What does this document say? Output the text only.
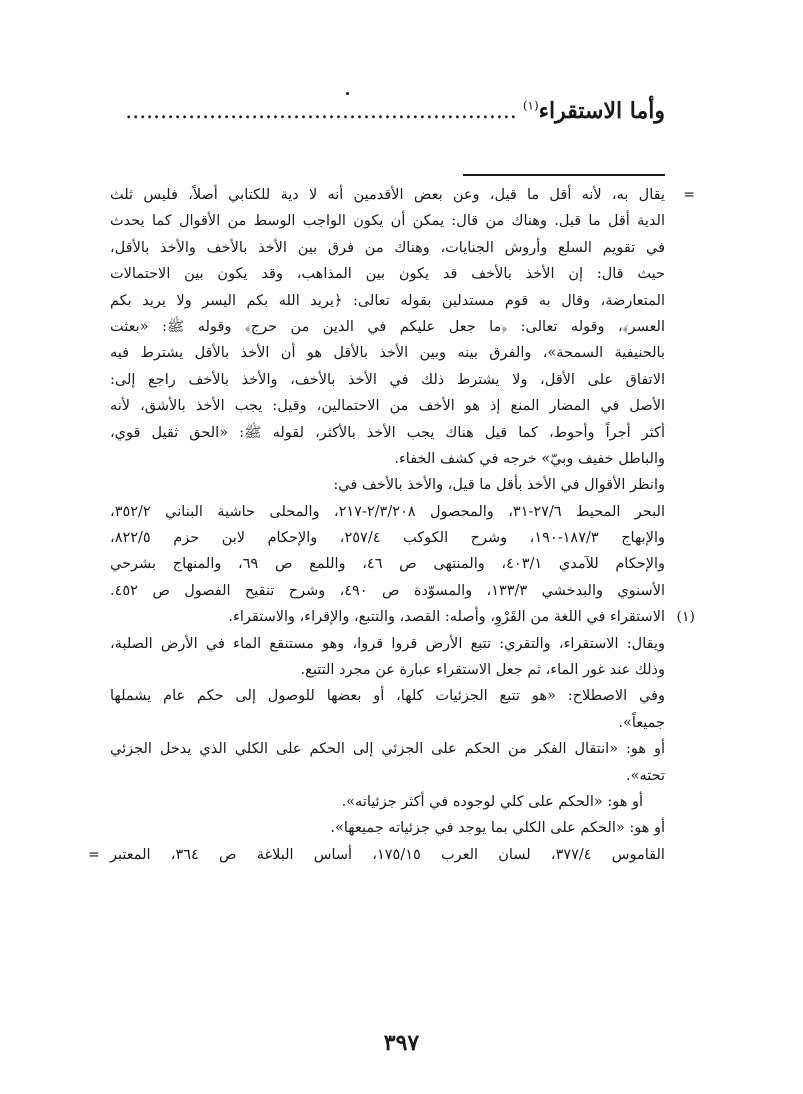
وأما الاستقراء$^{(١)}$........................................................
=
يقال به، لأنه أقل ما قيل، وعن بعض الأقدمين أنه لا دية للكتابي أصلاً، فليس ثلث
الدية أقل ما قيل. وهناك من قال: يمكن أن يكون الواجب الوسط من الأقوال كما يحدث
في تقويم السلع وأروش الجنايات، وهناك من فرق بين الأخذ بالأخف والأخذ بالأقل،
حيث قال: إن الأخذ بالأخف قد يكون بين المذاهب، وقد يكون بين الاحتمالات
المتعارضة، وقال به قوم مستدلين بقوله تعالى: ﴿يريد الله بكم اليسر ولا يريد بكم
العسر﴾، وقوله تعالى: ﴿ما جعل عليكم في الدين من حرج﴾ وقوله ﷺ: «بعثت
بالحنيفية السمحة»، والفرق بينه وبين الأخذ بالأقل هو أن الأخذ بالأقل يشترط فيه
الاتفاق على الأقل، ولا يشترط ذلك في الأخذ بالأخف، والأخذ بالأخف راجع إلى:
الأصل في المضار المنع إذ هو الأخف من الاحتمالين، وقيل: يجب الأخذ بالأشق، لأنه
أكثر أجراً وأحوط، كما قيل هناك يجب الأخذ بالأكثر، لقوله ﷺ: «الحق ثقيل قوي،
والباطل خفيف وبيّ» خرجه في كشف الخفاء.
وانظر الأقوال في الأخذ بأقل ما قيل، والأخذ بالأخف في:
البحر المحيط ٢٧/٦-٣١، والمحصول ٢/٣/٢٠٨-٢١٧، والمحلى حاشية البناني ٣٥٢/٢،
والإبهاج ١٨٧/٣-١٩٠، وشرح الكوكب ٢٥٧/٤، والإحكام لابن حزم ٨٢٢/٥،
والإحكام للآمدي ٤٠٣/١، والمنتهى ص ٤٦، واللمع ص ٦٩، والمنهاج بشرحي
الأسنوي والبدخشي ١٣٣/٣، والمسوّدة ص ٤٩٠، وشرح تنقيح الفصول ص ٤٥٢.
(١)
الاستقراء في اللغة من القَرْوِ، وأصله: القصد، والتتبع، والإقراء، والاستقراء.
ويقال: الاستقراء، والتقري: تتبع الأرض قروا قروا، وهو مستنقع الماء في الأرض الصلبة،
وذلك عند غور الماء، ثم جعل الاستقراء عبارة عن مجرد التتبع.
وفي الاصطلاح: «هو تتبع الجزئيات كلها، أو بعضها للوصول إلى حكم عام يشملها
جميعاً».
أو هو: «انتقال الفكر من الحكم على الجزئي إلى الحكم على الكلي الذي يدخل الجزئي
تحته».
أو هو: «الحكم على كلي لوجوده في أكثر جزئياته».
أو هو: «الحكم على الكلي بما يوجد في جزئياته جميعها».
القاموس ٣٧٧/٤، لسان العرب ١٧٥/١٥، أساس البلاغة ص ٣٦٤، المعتبر
=
٣٩٧
